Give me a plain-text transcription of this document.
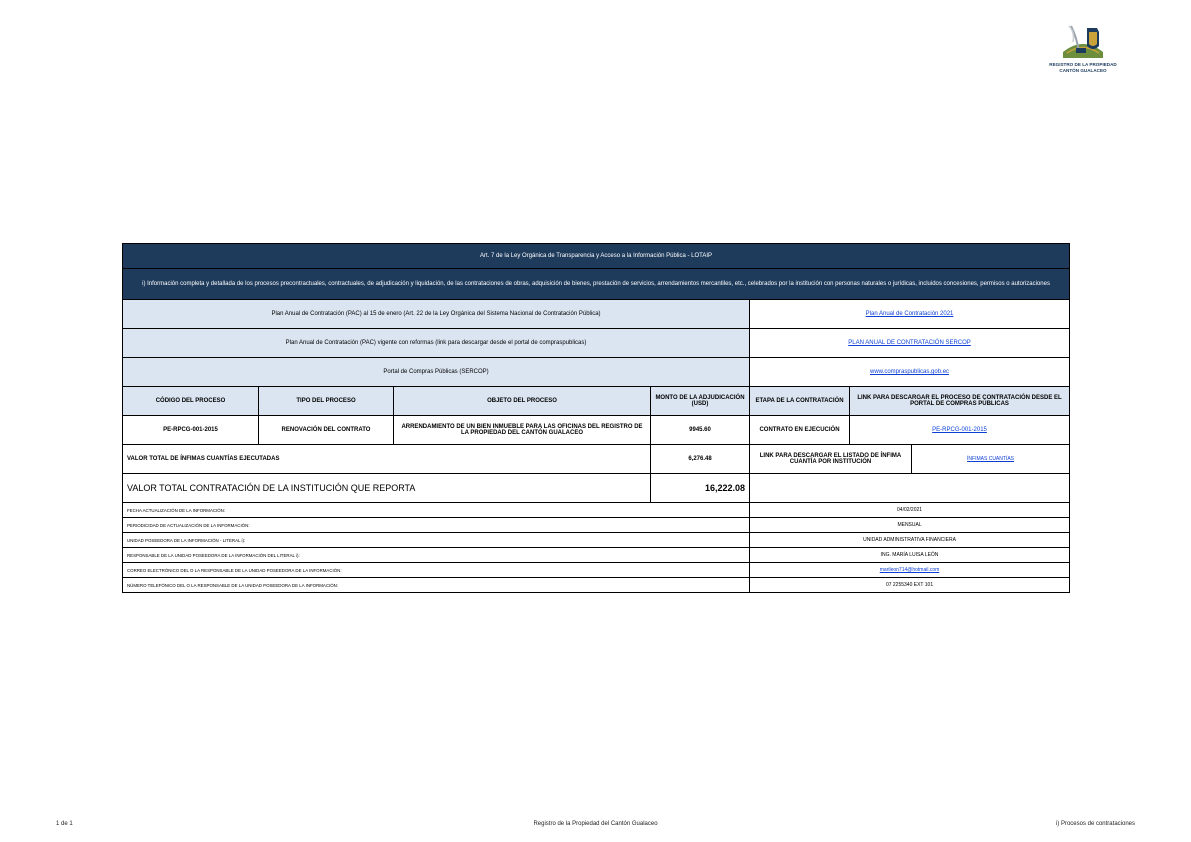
REGISTRO DE LA PROPIEDAD
CANTÓN GUALACEO
Art. 7 de la Ley Orgánica de Transparencia y Acceso a la Información Pública - LOTAIP						
i) Información completa y detallada de los procesos precontractuales, contractuales, de adjudicación y liquidación, de las contrataciones de obras, adquisición de bienes, prestación de servicios, arrendamientos mercantiles, etc., celebrados por la institución con personas naturales o jurídicas, incluidos concesiones, permisos o autorizaciones						
Plan Anual de Contratación (PAC) al 15 de enero (Art. 22 de la Ley Orgánica del Sistema Nacional de Contratación Pública)				Plan Anual de Contratación 2021		
Plan Anual de Contratación (PAC) vigente con reformas (link para descargar desde el portal de compraspublicas)				PLAN ANUAL DE CONTRATACIÓN SERCOP		
Portal de Compras Públicas (SERCOP)				www.compraspublicas.gob.ec		
CÓDIGO DEL PROCESO	TIPO DEL PROCESO	OBJETO DEL PROCESO	MONTO DE LA ADJUDICACIÓN (USD)	ETAPA DE LA CONTRATACIÓN	LINK PARA DESCARGAR EL PROCESO DE CONTRATACIÓN DESDE EL PORTAL DE COMPRAS PÚBLICAS	
PE-RPCG-001-2015	RENOVACIÓN DEL CONTRATO	ARRENDAMIENTO DE UN BIEN INMUEBLE PARA LAS OFICINAS DEL REGISTRO DE LA PROPIEDAD DEL CANTÓN GUALACEO	9945.60	CONTRATO EN EJECUCIÓN	PE-RPCG-001-2015	
VALOR TOTAL DE ÍNFIMAS CUANTÍAS EJECUTADAS			6,276.48	LINK PARA DESCARGAR EL LISTADO DE ÍNFIMA CUANTÍA POR INSTITUCIÓN		ÍNFIMAS CUANTÍAS
VALOR TOTAL CONTRATACIÓN DE LA INSTITUCIÓN QUE REPORTA			16,222.08			
FECHA ACTUALIZACIÓN DE LA INFORMACIÓN:				04/02/2021		
PERIODICIDAD DE ACTUALIZACIÓN DE LA INFORMACIÓN:				MENSUAL		
UNIDAD POSEEDORA DE LA INFORMACIÓN - LITERAL i):				UNIDAD ADMINISTRATIVA FINANCIERA		
RESPONSABLE DE LA UNIDAD POSEEDORA DE LA INFORMACIÓN DEL LITERAL i):				ING. MARÍA LUISA LEÓN		
CORREO ELECTRÓNICO DEL O LA RESPONSABLE DE LA UNIDAD POSEEDORA DE LA INFORMACIÓN:				marileon714@hotmail.com		
NÚMERO TELEFÓNICO DEL O LA RESPONSABLE DE LA UNIDAD POSEEDORA DE LA INFORMACIÓN:				07 2255340 EXT 101		
1 de 1	Registro de la Propiedad del Cantón Gualaceo	i) Procesos de contrataciones
